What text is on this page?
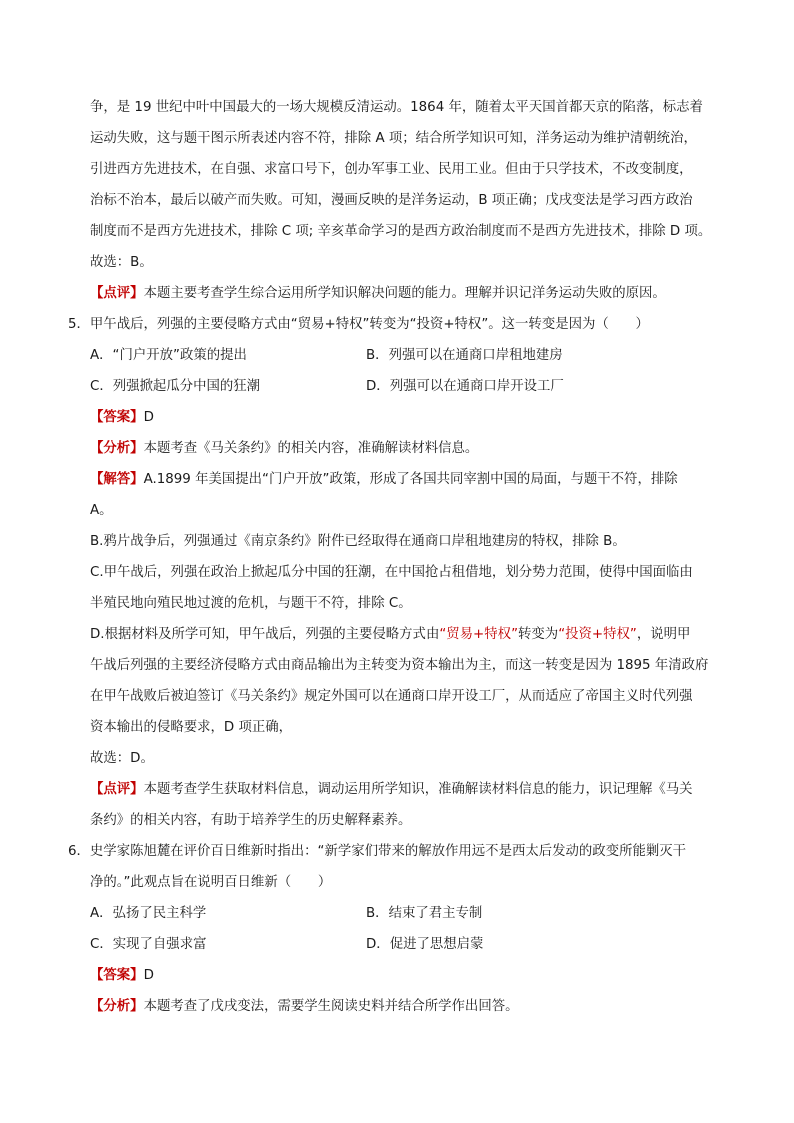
争，是 19 世纪中叶中国最大的一场大规模反清运动。1864 年，随着太平天国首都天京的陷落，标志着
运动失败，这与题干图示所表述内容不符，排除 A 项；结合所学知识可知，洋务运动为维护清朝统治，
引进西方先进技术，在自强、求富口号下，创办军事工业、民用工业。但由于只学技术，不改变制度，
治标不治本，最后以破产而失败。可知，漫画反映的是洋务运动，B 项正确；戊戌变法是学习西方政治
制度而不是西方先进技术，排除 C 项; 辛亥革命学习的是西方政治制度而不是西方先进技术，排除 D 项。
故选：B。
【点评】本题主要考查学生综合运用所学知识解决问题的能力。理解并识记洋务运动失败的原因。
5．甲午战后，列强的主要侵略方式由“贸易+特权”转变为“投资+特权”。这一转变是因为（　　）
A．“门户开放”政策的提出	B．列强可以在通商口岸租地建房
C．列强掀起瓜分中国的狂潮	D．列强可以在通商口岸开设工厂
【答案】D
【分析】本题考查《马关条约》的相关内容，准确解读材料信息。
【解答】A.1899 年美国提出“门户开放”政策，形成了各国共同宰割中国的局面，与题干不符，排除
A。
B.鸦片战争后，列强通过《南京条约》附件已经取得在通商口岸租地建房的特权，排除 B。
C.甲午战后，列强在政治上掀起瓜分中国的狂潮，在中国抢占租借地，划分势力范围，使得中国面临由
半殖民地向殖民地过渡的危机，与题干不符，排除 C。
D.根据材料及所学可知，甲午战后，列强的主要侵略方式由“贸易+特权”转变为“投资+特权”，说明甲
午战后列强的主要经济侵略方式由商品输出为主转变为资本输出为主，而这一转变是因为 1895 年清政府
在甲午战败后被迫签订《马关条约》规定外国可以在通商口岸开设工厂，从而适应了帝国主义时代列强
资本输出的侵略要求，D 项正确，
故选：D。
【点评】本题考查学生获取材料信息，调动运用所学知识，准确解读材料信息的能力，识记理解《马关
条约》的相关内容，有助于培养学生的历史解释素养。
6．史学家陈旭麓在评价百日维新时指出：“新学家们带来的解放作用远不是西太后发动的政变所能剿灭干
净的。”此观点旨在说明百日维新（　　）
A．弘扬了民主科学	B．结束了君主专制
C．实现了自强求富	D．促进了思想启蒙
【答案】D
【分析】本题考查了戊戌变法，需要学生阅读史料并结合所学作出回答。
